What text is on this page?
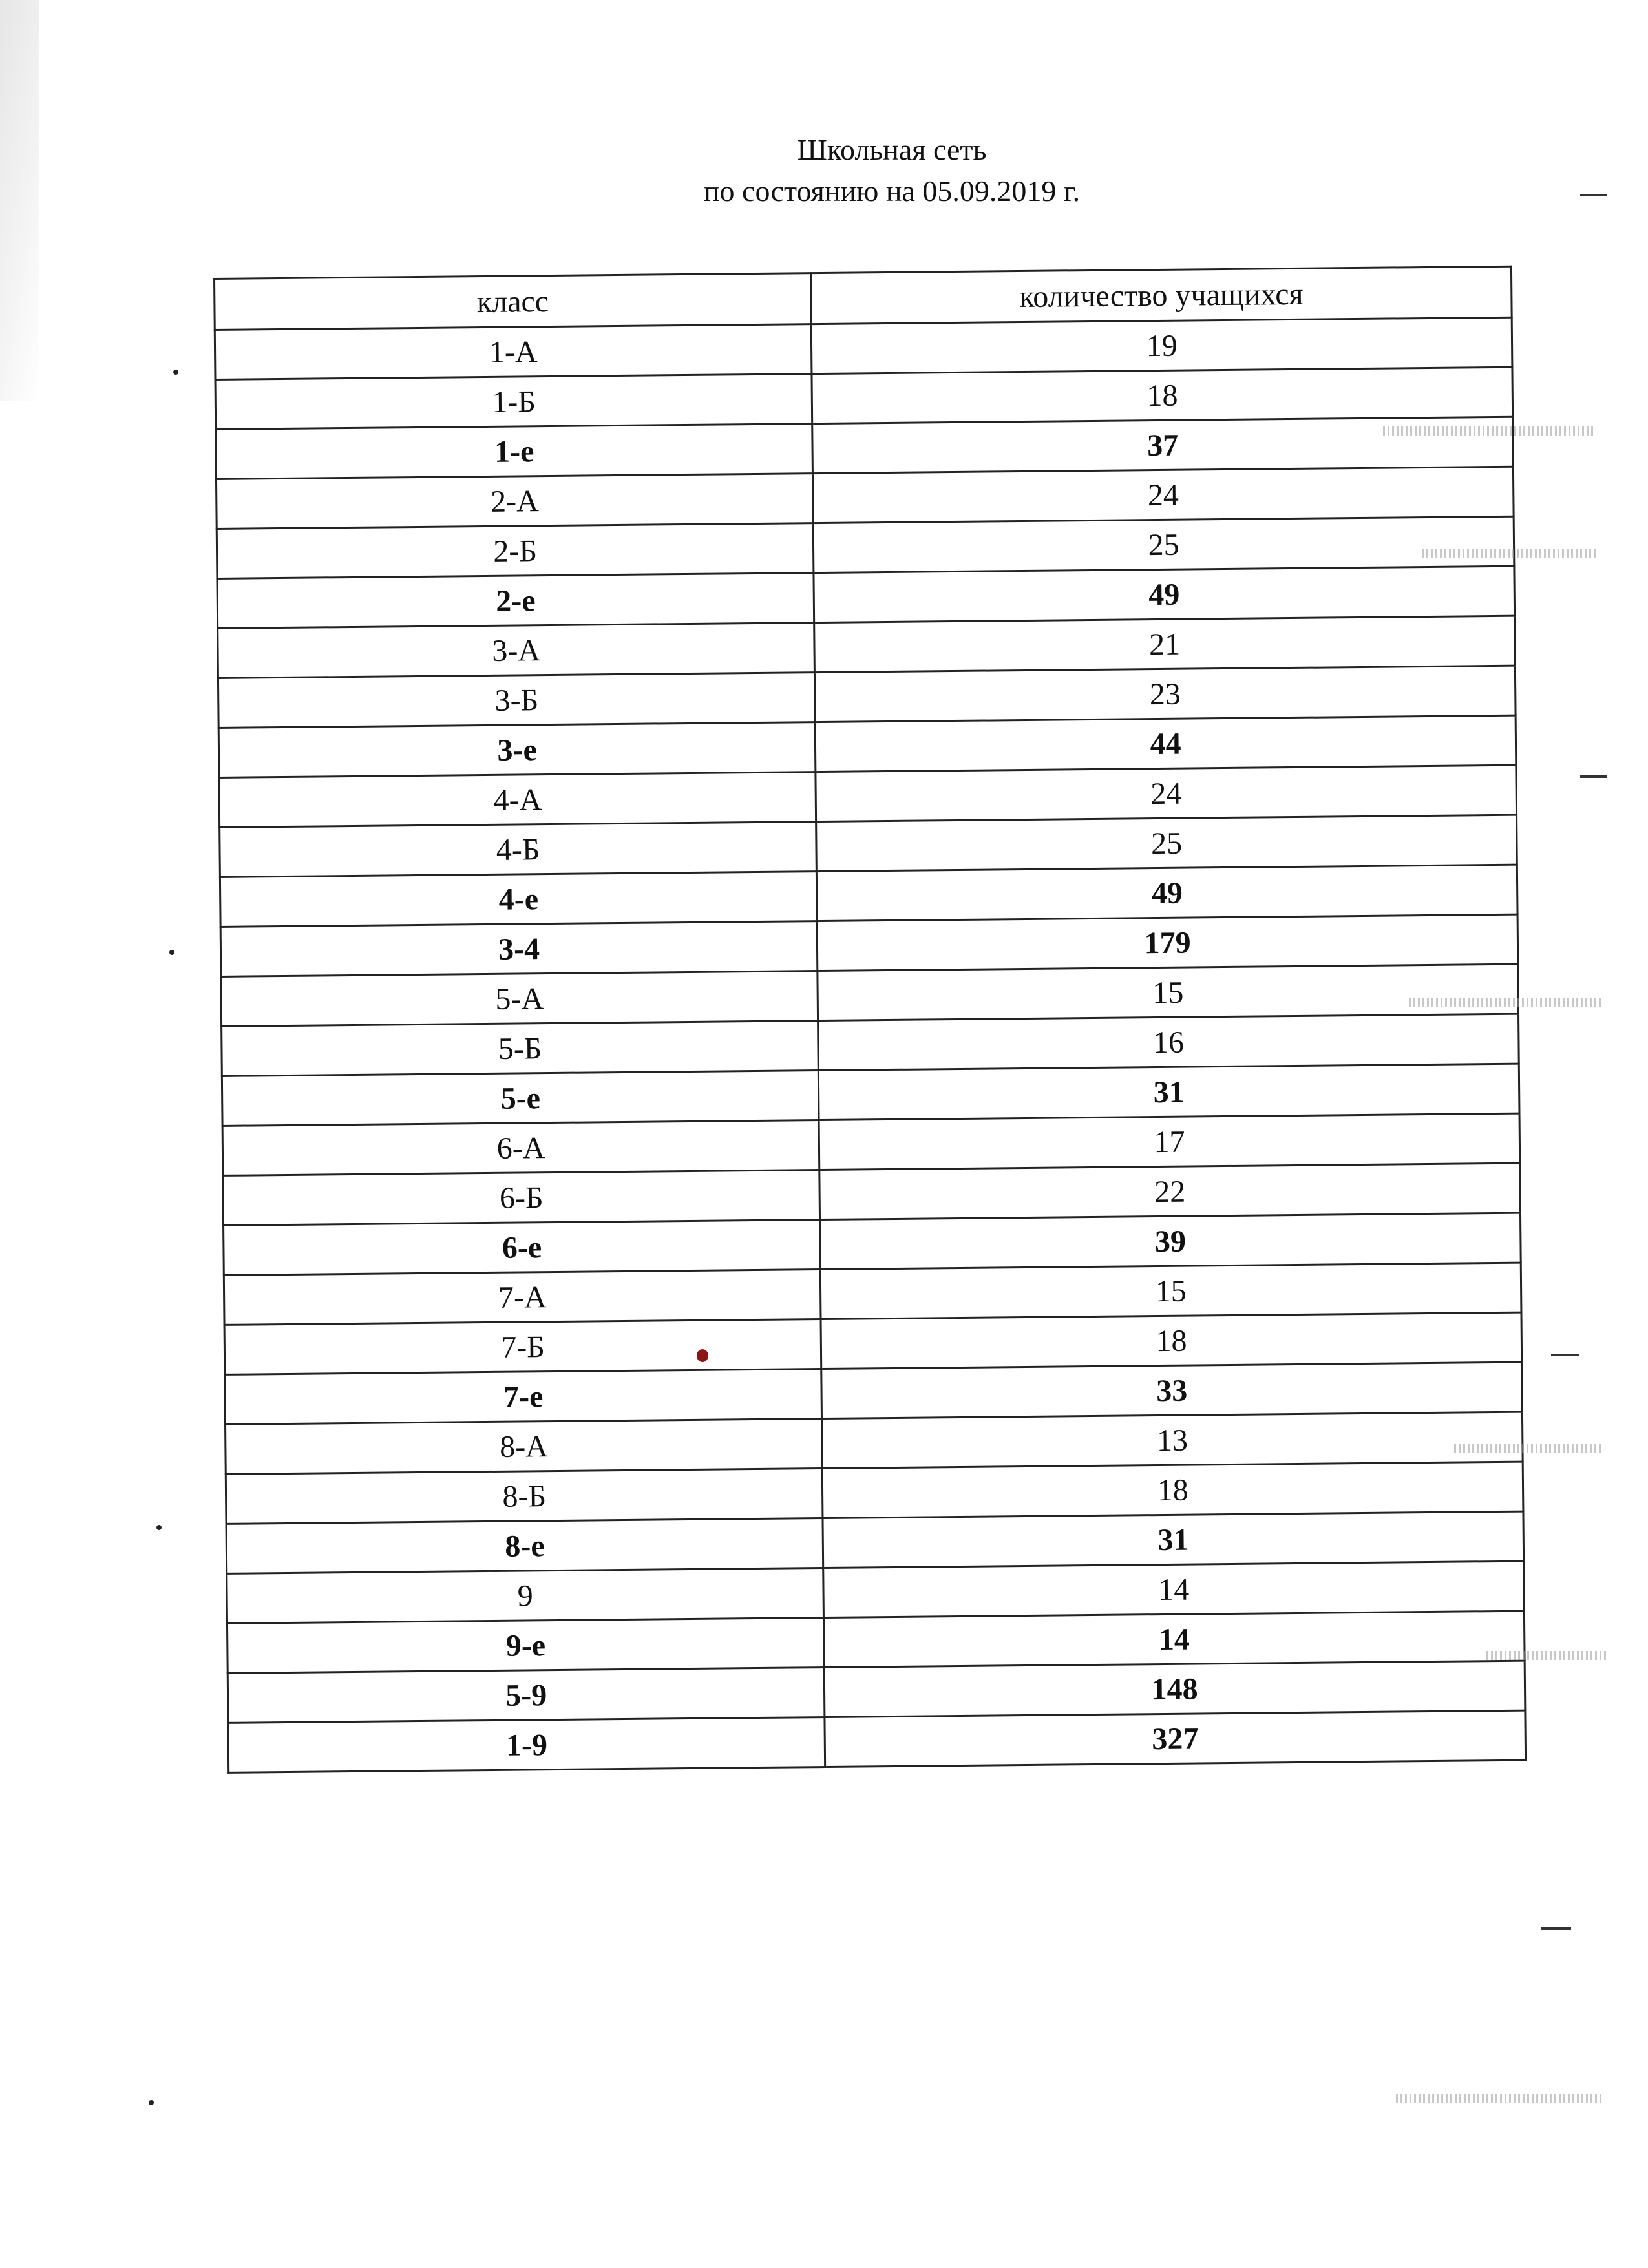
Школьная сеть
по состоянию на 05.09.2019 г.
класс	количество учащихся
1-А	19
1-Б	18
1-е	37
2-А	24
2-Б	25
2-е	49
3-А	21
3-Б	23
3-е	44
4-А	24
4-Б	25
4-е	49
3-4	179
5-А	15
5-Б	16
5-е	31
6-А	17
6-Б	22
6-е	39
7-А	15
7-Б	18
7-е	33
8-А	13
8-Б	18
8-е	31
9	14
9-е	14
5-9	148
1-9	327
